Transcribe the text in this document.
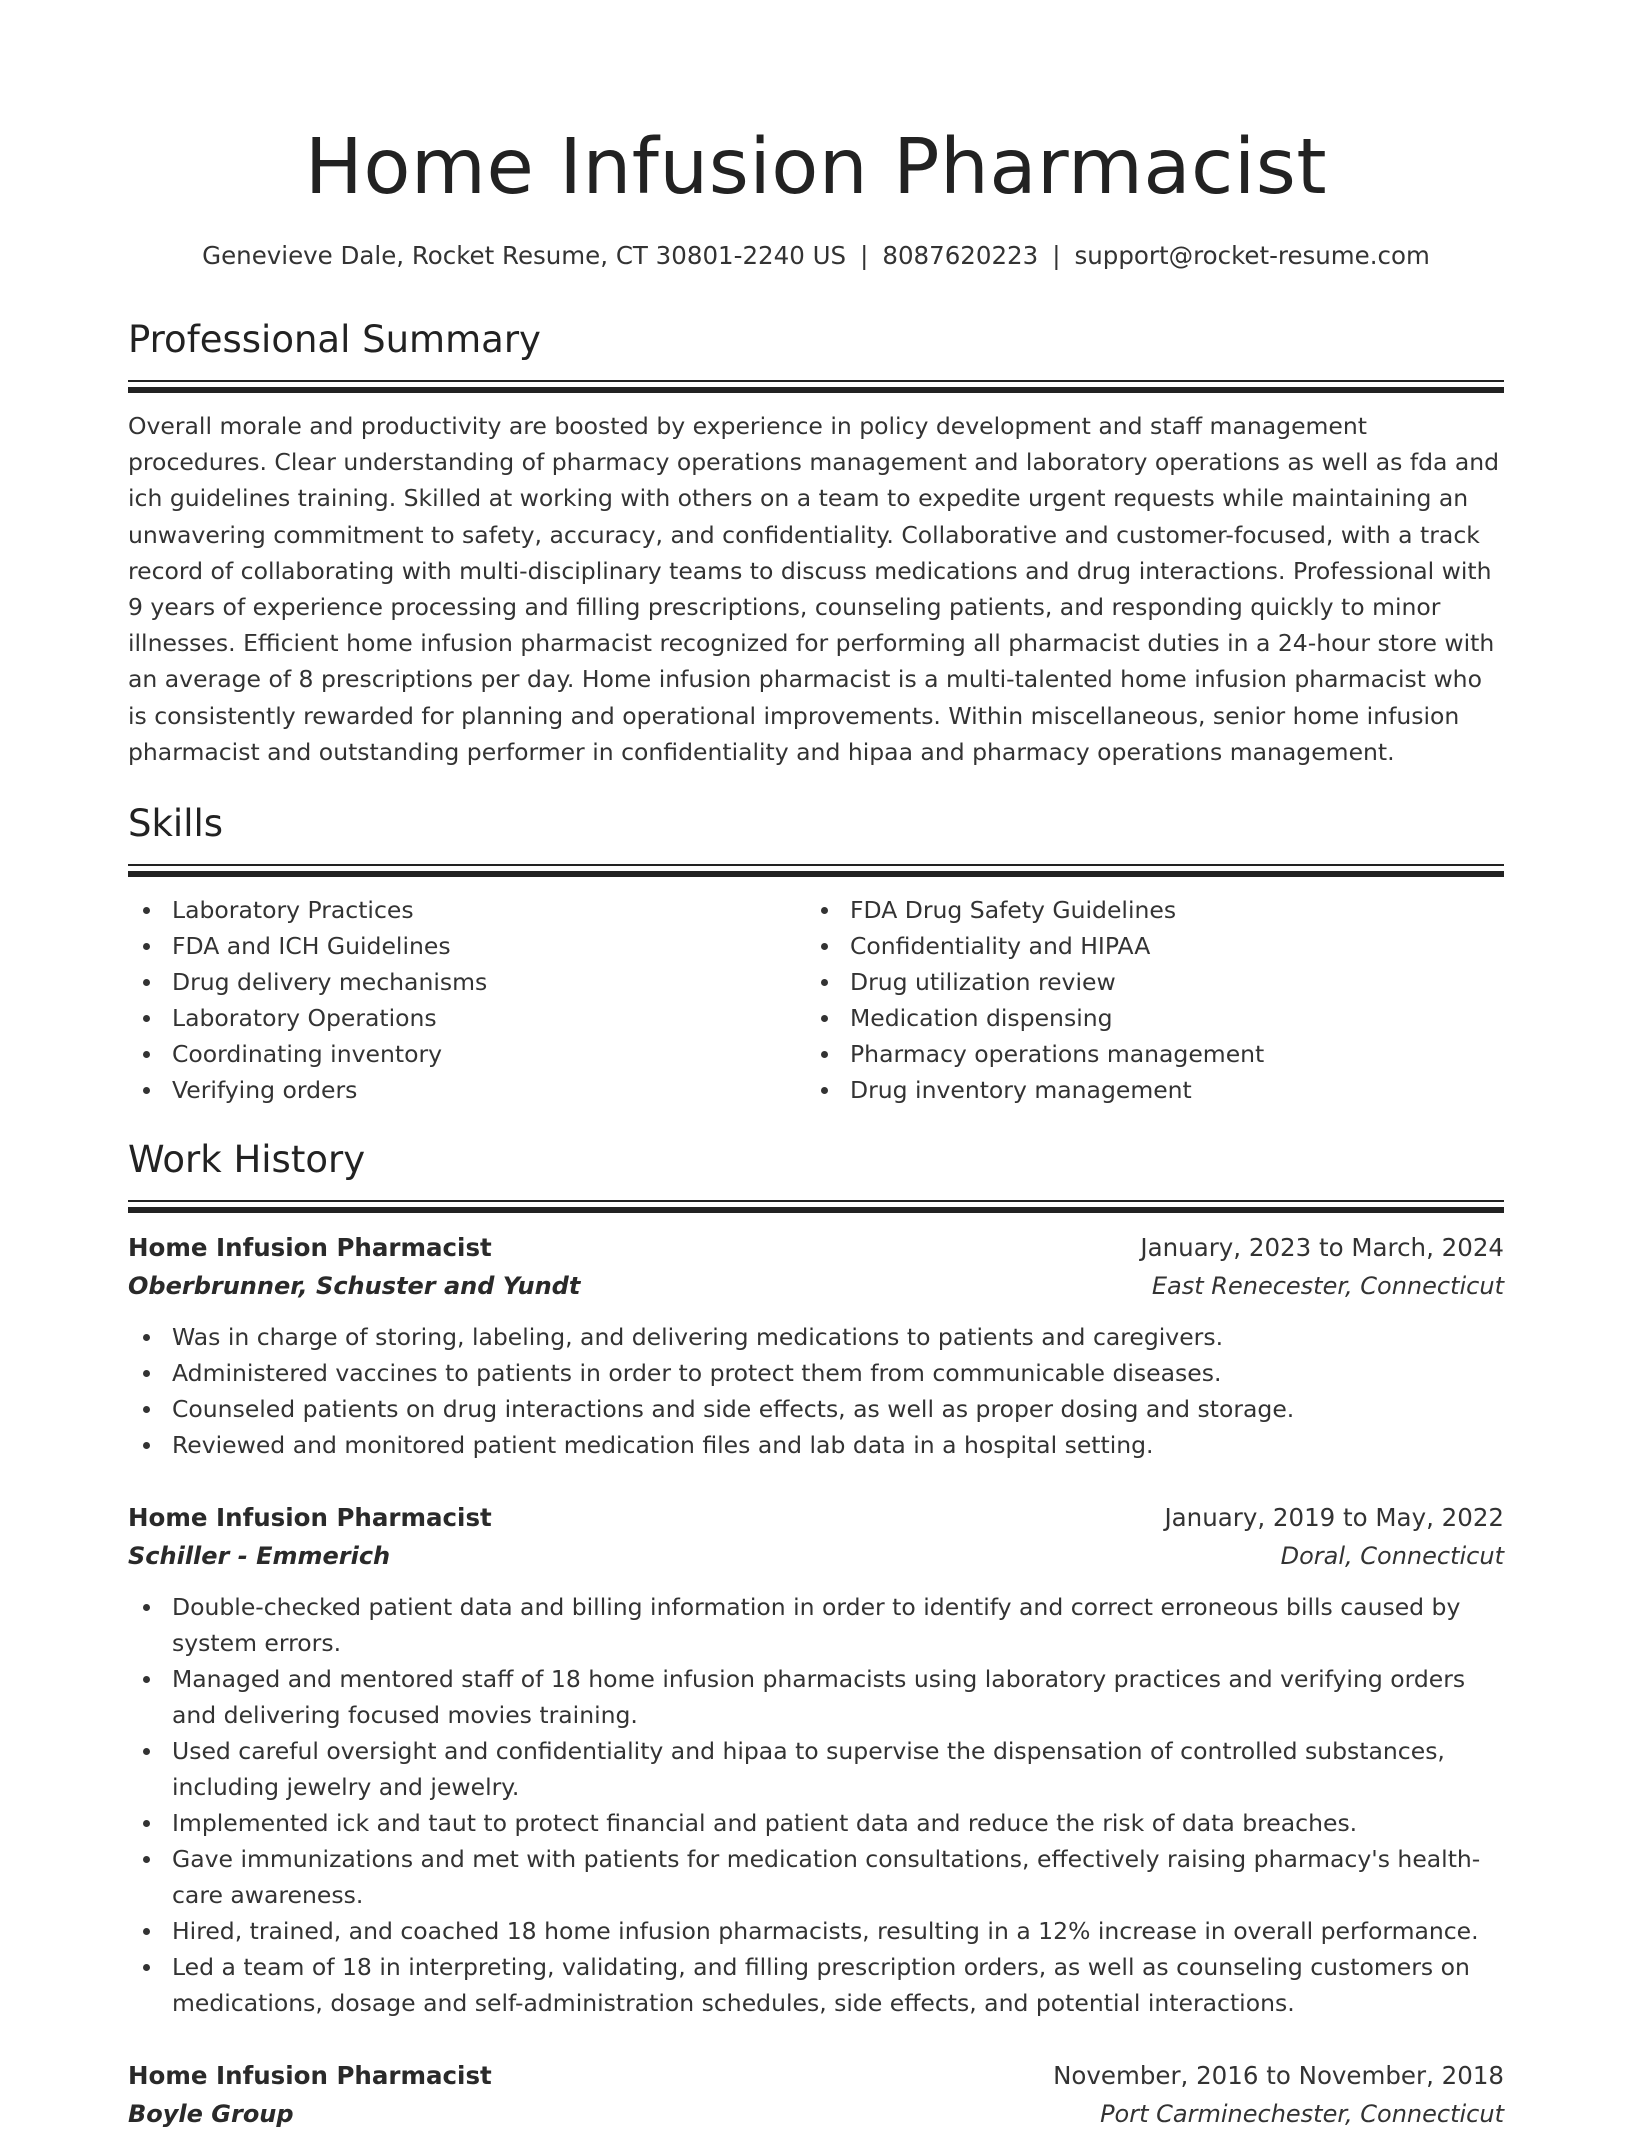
Home Infusion Pharmacist
Genevieve Dale, Rocket Resume, CT 30801-2240 US | 8087620223 | support@rocket-resume.com
Professional Summary

Overall morale and productivity are boosted by experience in policy development and staff management procedures. Clear understanding of pharmacy operations management and laboratory operations as well as fda and ich guidelines training. Skilled at working with others on a team to expedite urgent requests while maintaining an unwavering commitment to safety, accuracy, and confidentiality. Collaborative and customer-focused, with a track record of collaborating with multi-disciplinary teams to discuss medications and drug interactions. Professional with 9 years of experience processing and filling prescriptions, counseling patients, and responding quickly to minor illnesses. Efficient home infusion pharmacist recognized for performing all pharmacist duties in a 24-hour store with an average of 8 prescriptions per day. Home infusion pharmacist is a multi-talented home infusion pharmacist who is consistently rewarded for planning and operational improvements. Within miscellaneous, senior home infusion pharmacist and outstanding performer in confidentiality and hipaa and pharmacy operations management.

Skills
Laboratory Practices
FDA and ICH Guidelines
Drug delivery mechanisms
Laboratory Operations
Coordinating inventory
Verifying orders
FDA Drug Safety Guidelines
Confidentiality and HIPAA
Drug utilization review
Medication dispensing
Pharmacy operations management
Drug inventory management
Work History
Home Infusion Pharmacist	January, 2023 to March, 2024
Oberbrunner, Schuster and Yundt	East Renecester, Connecticut
Was in charge of storing, labeling, and delivering medications to patients and caregivers.
Administered vaccines to patients in order to protect them from communicable diseases.
Counseled patients on drug interactions and side effects, as well as proper dosing and storage.
Reviewed and monitored patient medication files and lab data in a hospital setting.
Home Infusion Pharmacist	January, 2019 to May, 2022
Schiller - Emmerich	Doral, Connecticut
Double-checked patient data and billing information in order to identify and correct erroneous bills caused by system errors.
Managed and mentored staff of 18 home infusion pharmacists using laboratory practices and verifying orders and delivering focused movies training.
Used careful oversight and confidentiality and hipaa to supervise the dispensation of controlled substances, including jewelry and jewelry.
Implemented ick and taut to protect financial and patient data and reduce the risk of data breaches.
Gave immunizations and met with patients for medication consultations, effectively raising pharmacy's health-care awareness.
Hired, trained, and coached 18 home infusion pharmacists, resulting in a 12% increase in overall performance.
Led a team of 18 in interpreting, validating, and filling prescription orders, as well as counseling customers on medications, dosage and self-administration schedules, side effects, and potential interactions.
Home Infusion Pharmacist	November, 2016 to November, 2018
Boyle Group	Port Carminechester, Connecticut
